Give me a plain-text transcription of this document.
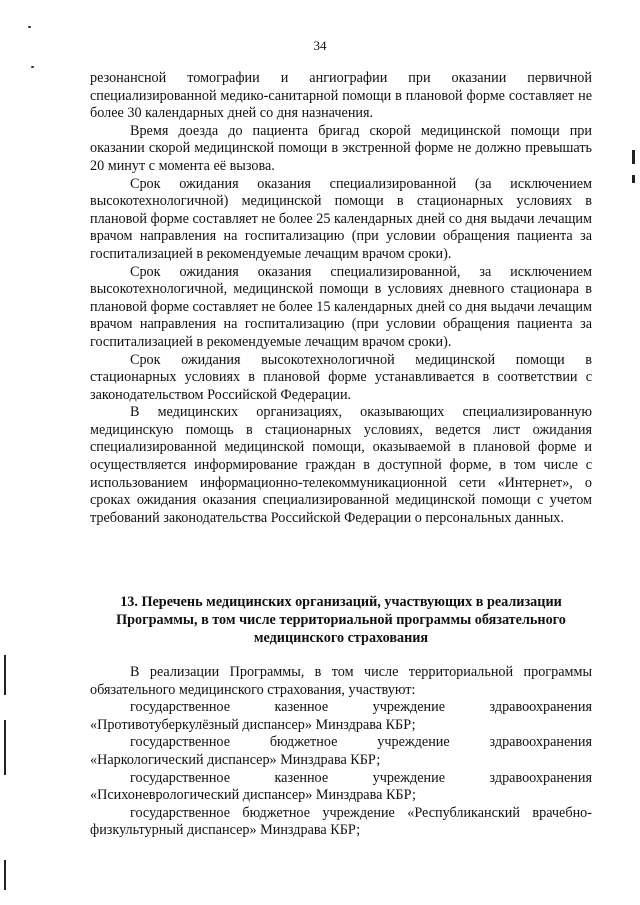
34

резонансной томографии и ангиографии при оказании первичной специализированной медико-санитарной помощи в плановой форме составляет не более 30 календарных дней со дня назначения.

Время доезда до пациента бригад скорой медицинской помощи при оказании скорой медицинской помощи в экстренной форме не должно превышать 20 минут с момента её вызова.

Срок ожидания оказания специализированной (за исключением высокотехнологичной) медицинской помощи в стационарных условиях в плановой форме составляет не более 25 календарных дней со дня выдачи лечащим врачом направления на госпитализацию (при условии обращения пациента за госпитализацией в рекомендуемые лечащим врачом сроки).

Срок ожидания оказания специализированной, за исключением высокотехнологичной, медицинской помощи в условиях дневного стационара в плановой форме составляет не более 15 календарных дней со дня выдачи лечащим врачом направления на госпитализацию (при условии обращения пациента за госпитализацией в рекомендуемые лечащим врачом сроки).

Срок ожидания высокотехнологичной медицинской помощи в стационарных условиях в плановой форме устанавливается в соответствии с законодательством Российской Федерации.

В медицинских организациях, оказывающих специализированную медицинскую помощь в стационарных условиях, ведется лист ожидания специализированной медицинской помощи, оказываемой в плановой форме и осуществляется информирование граждан в доступной форме, в том числе с использованием информационно-телекоммуникационной сети «Интернет», о сроках ожидания оказания специализированной медицинской помощи с учетом требований законодательства Российской Федерации о персональных данных.

13. Перечень медицинских организаций, участвующих в реализации
Программы, в том числе территориальной программы обязательного
медицинского страхования

В реализации Программы, в том числе территориальной программы обязательного медицинского страхования, участвуют:

государственное казенное учреждение здравоохранения «Противотуберкулёзный диспансер» Минздрава КБР;

государственное бюджетное учреждение здравоохранения «Наркологический диспансер» Минздрава КБР;

государственное казенное учреждение здравоохранения «Психоневрологический диспансер» Минздрава КБР;

государственное бюджетное учреждение «Республиканский врачебно-физкультурный диспансер» Минздрава КБР;
